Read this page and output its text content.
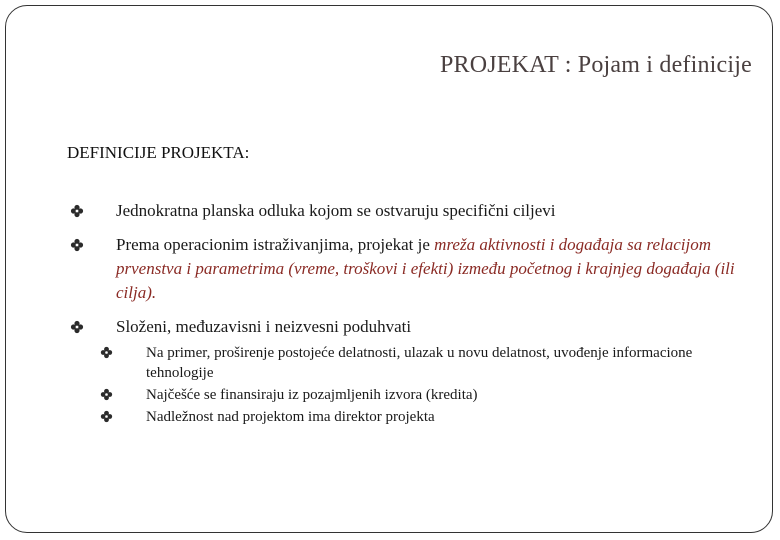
PROJEKAT : Pojam i definicije
DEFINICIJE PROJEKTA:
Jednokratna planska odluka kojom se ostvaruju specifični ciljevi
Prema operacionim istraživanjima, projekat je mreža aktivnosti i događaja sa relacijom prvenstva i parametrima (vreme, troškovi i efekti) između početnog i krajnjeg događaja (ili cilja).
Složeni, međuzavisni i neizvesni poduhvati
Na primer, proširenje postojeće delatnosti, ulazak u novu delatnost, uvođenje informacione tehnologije
Najčešće se finansiraju iz pozajmljenih izvora (kredita)
Nadležnost nad projektom ima direktor projekta
